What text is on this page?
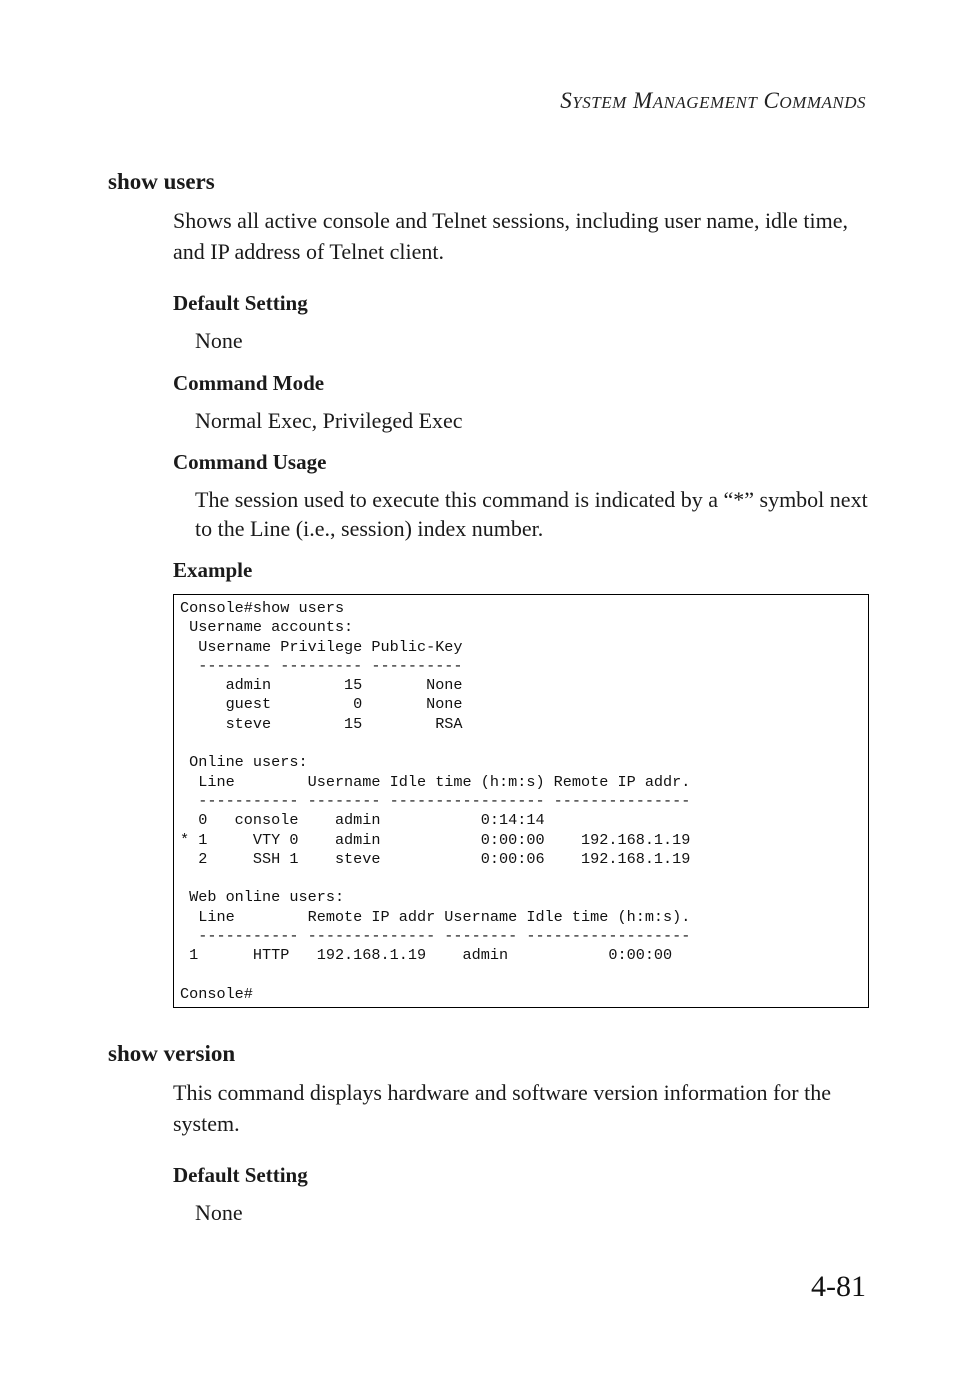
SYSTEM MANAGEMENT COMMANDS
show users

Shows all active console and Telnet sessions, including user name, idle time, and IP address of Telnet client.

Default Setting

None

Command Mode

Normal Exec, Privileged Exec

Command Usage

The session used to execute this command is indicated by a “*” symbol next to the Line (i.e., session) index number.

Example
Console#show users
Username accounts:
Username Privilege Public-Key
-------- --------- ----------
admin        15       None
guest         0       None
steve        15        RSA

Online users:
Line        Username Idle time (h:m:s) Remote IP addr.
----------- -------- ----------------- ---------------
0   console    admin           0:14:14
* 1     VTY 0    admin           0:00:00    192.168.1.19
2     SSH 1    steve           0:00:06    192.168.1.19

Web online users:
Line        Remote IP addr Username Idle time (h:m:s).
----------- -------------- -------- ------------------
1      HTTP   192.168.1.19    admin           0:00:00

Console#
show version

This command displays hardware and software version information for the system.

Default Setting

None

4-81
